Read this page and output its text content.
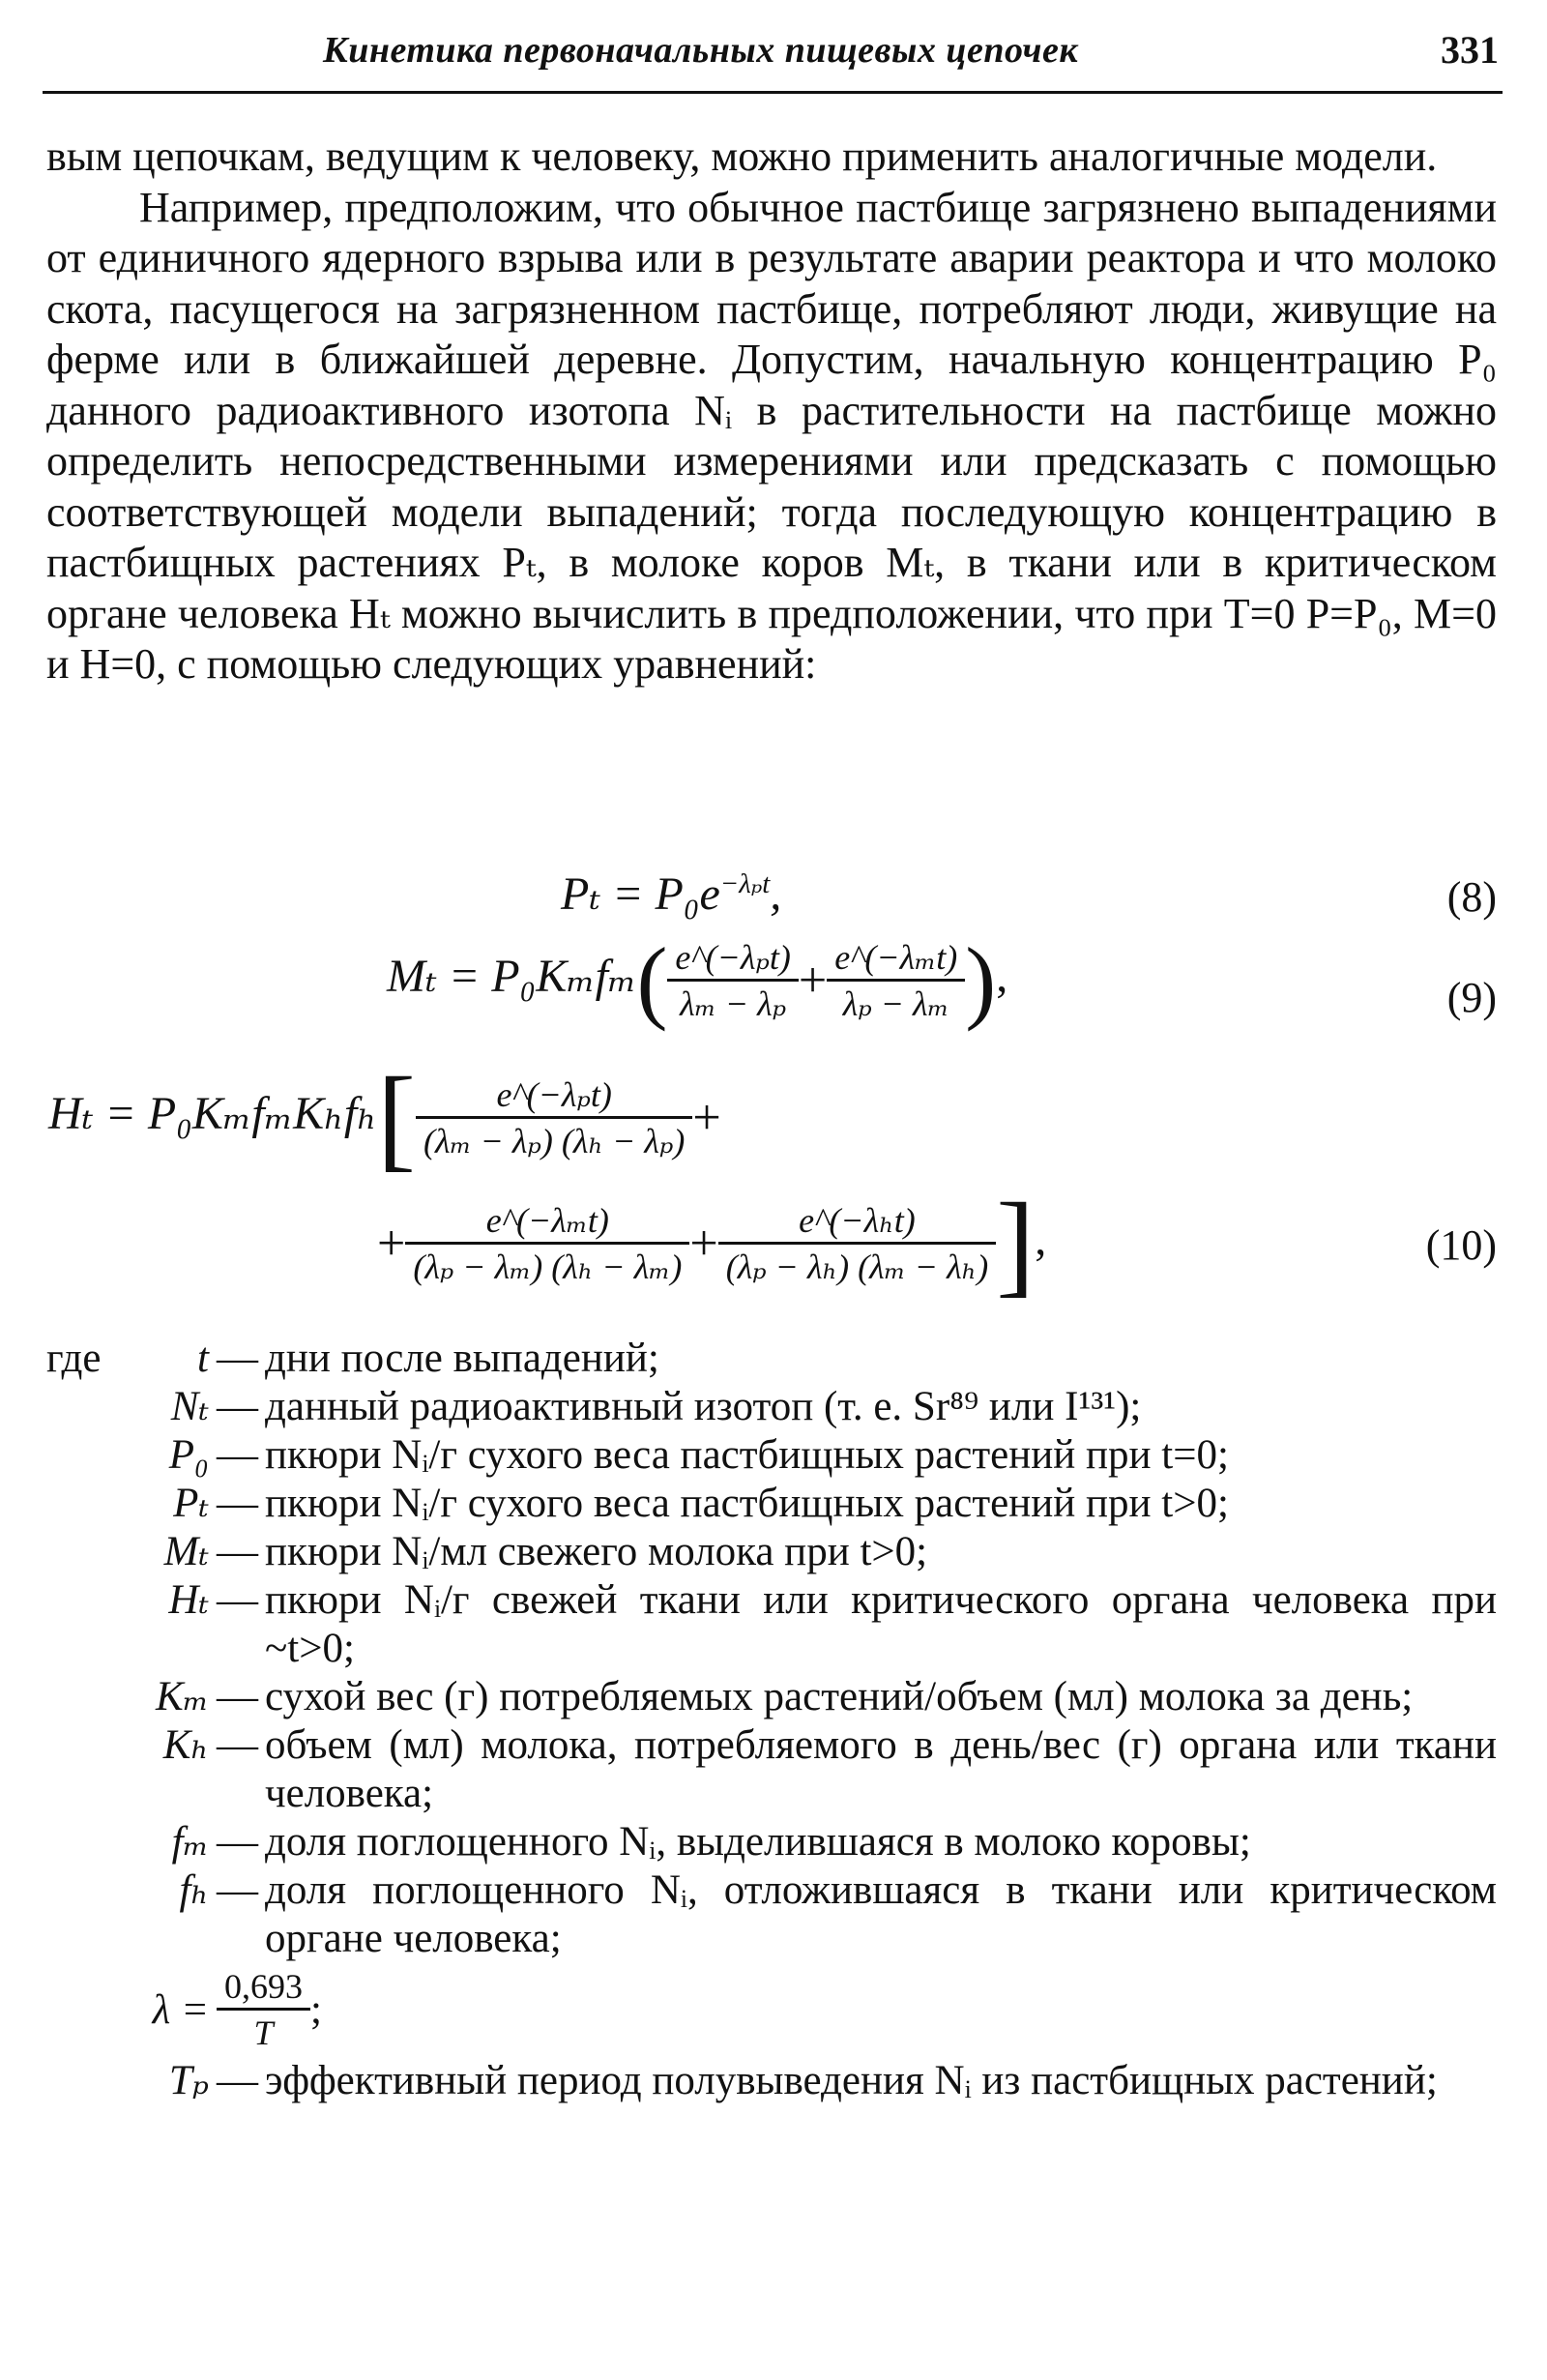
Кинетика первоначальных пищевых цепочек	331

вым цепочкам, ведущим к человеку, можно применить аналогичные модели.

Например, предположим, что обычное пастбище загрязнено выпадениями от единичного ядерного взрыва или в результате аварии реактора и что молоко скота, пасущегося на загрязненном пастбище, потребляют люди, живущие на ферме или в ближайшей деревне. Допустим, начальную концентрацию P₀ данного радиоактивного изотопа Nᵢ в растительности на пастбище можно определить непосредственными измерениями или предсказать с помощью соответствующей модели выпадений; тогда последующую концентрацию в пастбищных растениях Pₜ, в молоке коров Mₜ, в ткани или в критическом органе человека Hₜ можно вычислить в предположении, что при T=0 P=P₀, M=0 и H=0, с помощью следующих уравнений:

$P_t = P_0e^{-\lambda_pt}$,	(8)
$M_t = P_0K_mf_m( \frac{\text{e\textasciicircum{}(−λₚt)}}{\text{λₘ − λₚ}} + \frac{\text{e\textasciicircum{}(−λₘt)}}{\text{λₚ − λₘ}}$ ),	(9)
$H_t = P_0K_mf_mK_hf_h[ \frac{\text{e\textasciicircum{}(−λₚt)}}{\text{(λₘ − λₚ) (λₕ − λₚ)}}$ +
+ $\frac{\text{e\textasciicircum{}(−λₘt)}}{\text{(λₚ − λₘ) (λₕ − λₘ)}} + \frac{\text{e\textasciicircum{}(−λₕt)}}{\text{(λₚ − λₕ) (λₘ − λₕ)}}$ ],	(10)
где	t — дни после выпадений;
Nₜ — данный радиоактивный изотоп (т. е. Sr⁸⁹ или I¹³¹);
P₀ — пкюри Nᵢ/г сухого веса пастбищных растений при t=0;
Pₜ — пкюри Nᵢ/г сухого веса пастбищных растений при t>0;
Mₜ — пкюри Nᵢ/мл свежего молока при t>0;
Hₜ — пкюри Nᵢ/г свежей ткани или критического органа человека при ~t>0;
Kₘ — сухой вес (г) потребляемых растений/объем (мл) молока за день;
Kₕ — объем (мл) молока, потребляемого в день/вес (г) органа или ткани человека;
fₘ — доля поглощенного Nᵢ, выделившаяся в молоко коровы;
fₕ — доля поглощенного Nᵢ, отложившаяся в ткани или критическом органе человека;
$\lambda = \frac{0,693}{T}$ ;
Tₚ — эффективный период полувыведения Nᵢ из пастбищных растений;
